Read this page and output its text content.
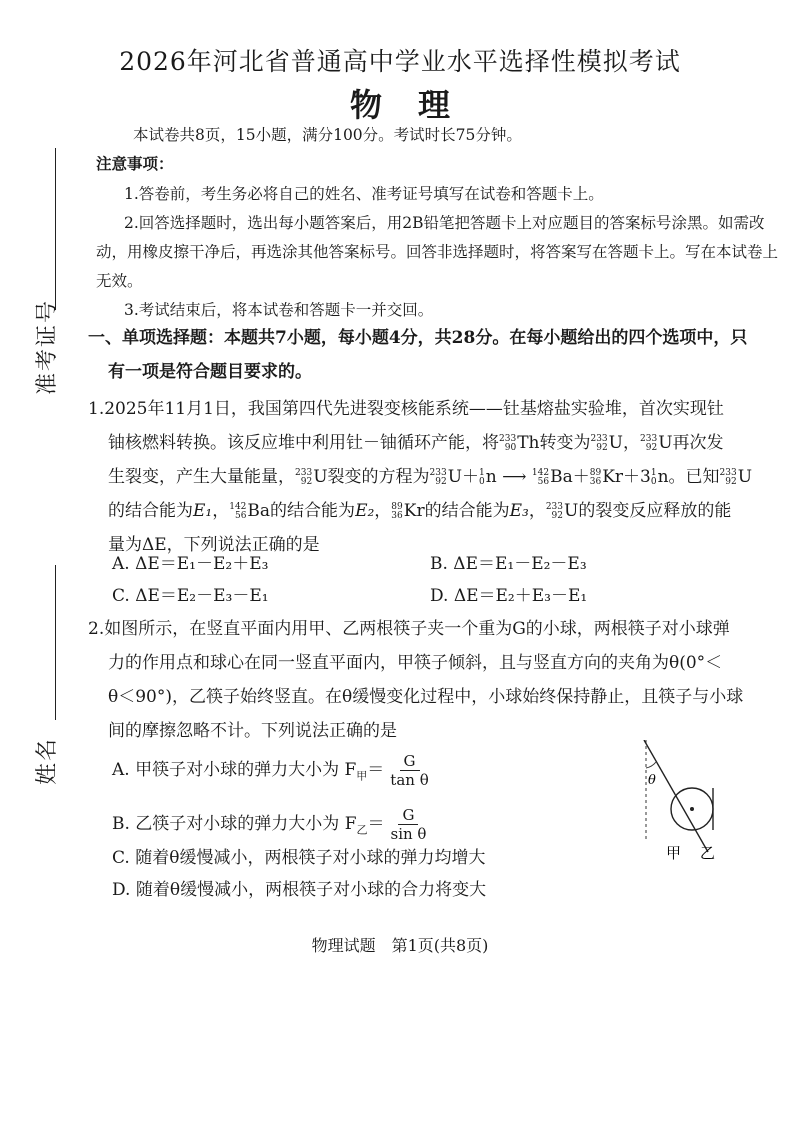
准考证号
姓名
2026年河北省普通高中学业水平选择性模拟考试
物理
本试卷共8页，15小题，满分100分。考试时长75分钟。
注意事项：
1.答卷前，考生务必将自己的姓名、准考证号填写在试卷和答题卡上。
2.回答选择题时，选出每小题答案后，用2B铅笔把答题卡上对应题目的答案标号涂黑。如需改
动，用橡皮擦干净后，再选涂其他答案标号。回答非选择题时，将答案写在答题卡上。写在本试卷上
无效。
3.考试结束后，将本试卷和答题卡一并交回。
一、单项选择题：本题共7小题，每小题4分，共28分。在每小题给出的四个选项中，只
有一项是符合题目要求的。
1.2025年11月1日，我国第四代先进裂变核能系统——钍基熔盐实验堆，首次实现钍
铀核燃料转换。该反应堆中利用钍－铀循环产能，将 233
90 Th转变为 233
92 U， 233
92 U再次发
生裂变，产生大量能量， 233
92 U裂变的方程为 233
92 U＋ 1
0 n ⟶ 142
56 Ba＋ 89
36 Kr＋3 1
0 n。已知 233
92 U
的结合能为E₁， 142
56 Ba的结合能为E₂， 89
36 Kr的结合能为E₃， 233
92 U的裂变反应释放的能
量为ΔE，下列说法正确的是
A. ΔE＝E₁－E₂＋E₃	B. ΔE＝E₁－E₂－E₃
C. ΔE＝E₂－E₃－E₁	D. ΔE＝E₂＋E₃－E₁
2.如图所示，在竖直平面内用甲、乙两根筷子夹一个重为G的小球，两根筷子对小球弹
力的作用点和球心在同一竖直平面内，甲筷子倾斜，且与竖直方向的夹角为θ(0°＜
θ＜90°)，乙筷子始终竖直。在θ缓慢变化过程中，小球始终保持静止，且筷子与小球
间的摩擦忽略不计。下列说法正确的是
A. 甲筷子对小球的弹力大小为 $F_甲= \frac{G}{\text{tan θ}}$
B. 乙筷子对小球的弹力大小为 $F_乙= \frac{G}{\text{sin θ}}$
C. 随着θ缓慢减小，两根筷子对小球的弹力均增大
D. 随着θ缓慢减小，两根筷子对小球的合力将变大
θ
甲 乙
物理试题　第1页(共8页)
